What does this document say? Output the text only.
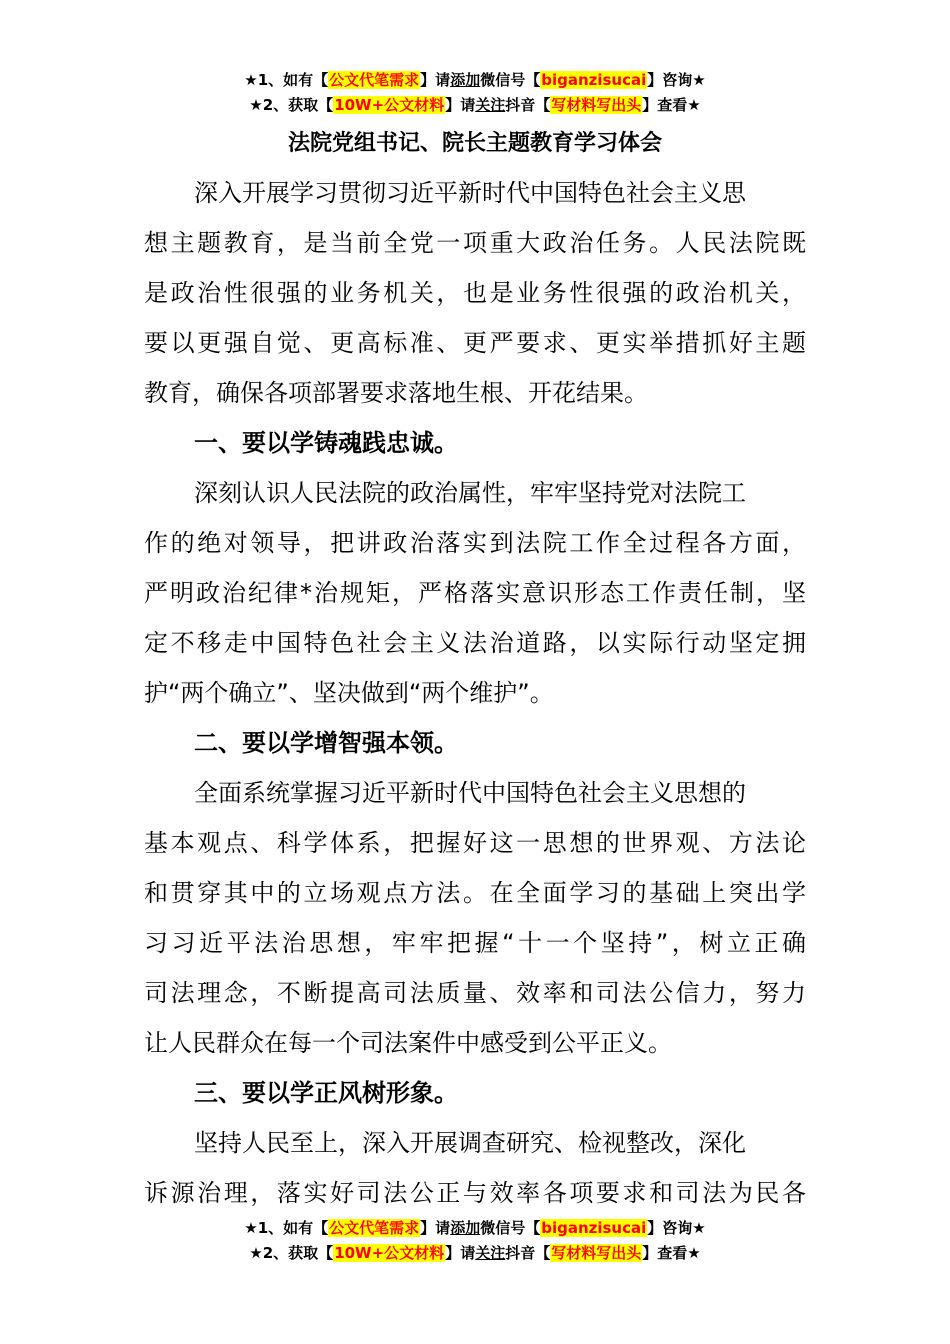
★1、如有【公文代笔需求】请添加微信号【biganzisucai】咨询★
★2、获取【10W+公文材料】请关注抖音【写材料写出头】查看★
法院党组书记、院长主题教育学习体会
深入开展学习贯彻习近平新时代中国特色社会主义思
想主题教育，是当前全党一项重大政治任务。人民法院既
是政治性很强的业务机关，也是业务性很强的政治机关，
要以更强自觉、更高标准、更严要求、更实举措抓好主题
教育，确保各项部署要求落地生根、开花结果。
一、要以学铸魂践忠诚。
深刻认识人民法院的政治属性，牢牢坚持党对法院工
作的绝对领导，把讲政治落实到法院工作全过程各方面，
严明政治纪律*治规矩，严格落实意识形态工作责任制，坚
定不移走中国特色社会主义法治道路，以实际行动坚定拥
护“两个确立”、坚决做到“两个维护”。
二、要以学增智强本领。
全面系统掌握习近平新时代中国特色社会主义思想的
基本观点、科学体系，把握好这一思想的世界观、方法论
和贯穿其中的立场观点方法。在全面学习的基础上突出学
习习近平法治思想，牢牢把握“十一个坚持”，树立正确
司法理念，不断提高司法质量、效率和司法公信力，努力
让人民群众在每一个司法案件中感受到公平正义。
三、要以学正风树形象。
坚持人民至上，深入开展调查研究、检视整改，深化
诉源治理，落实好司法公正与效率各项要求和司法为民各
★1、如有【公文代笔需求】请添加微信号【biganzisucai】咨询★
★2、获取【10W+公文材料】请关注抖音【写材料写出头】查看★
